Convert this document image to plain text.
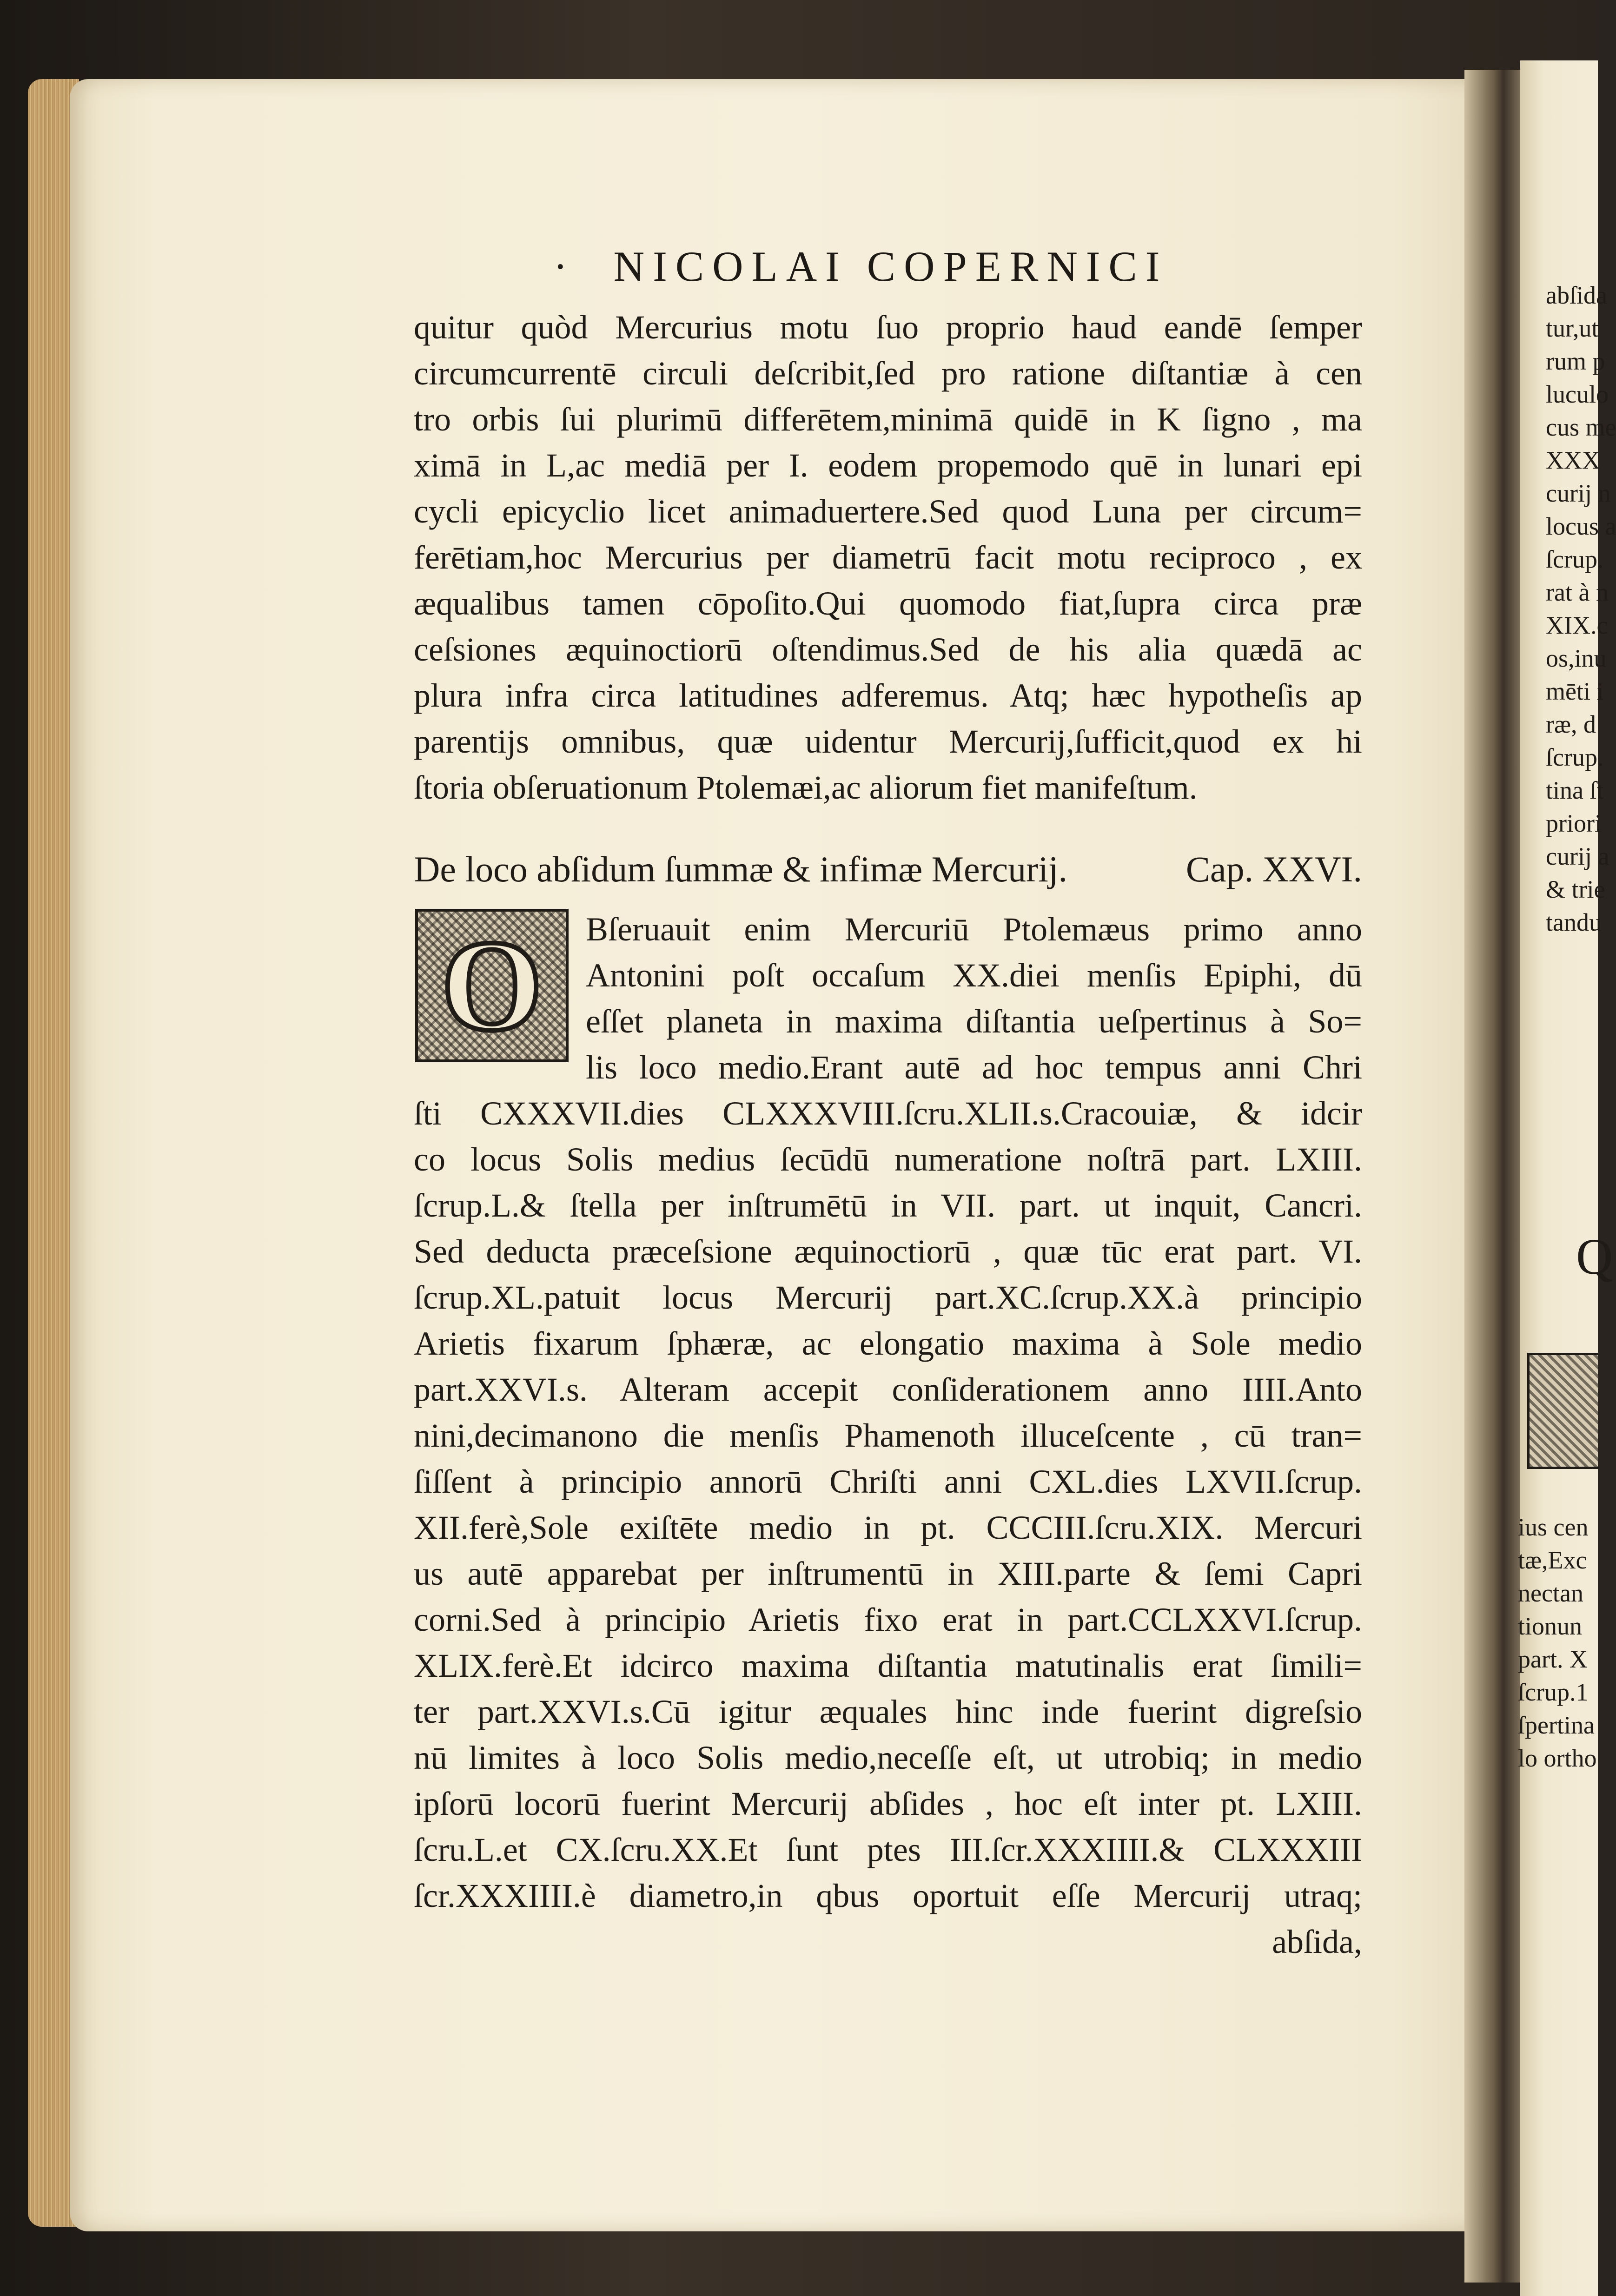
· NICOLAI COPERNICI
quitur quòd Mercurius motu ſuo proprio haud eandē ſemper
circumcurrentē circuli deſcribit,ſed pro ratione diſtantiæ à cen
tro orbis ſui plurimū differētem,minimā quidē in K ſigno , ma
ximā in L,ac mediā per I. eodem propemodo quē in lunari epi
cycli epicyclio licet animaduertere.Sed quod Luna per circum=
ferētiam,hoc Mercurius per diametrū facit motu reciproco , ex
æqualibus tamen cōpoſito.Qui quomodo fiat,ſupra circa præ
ceſsiones æquinoctiorū oſtendimus.Sed de his alia quædā ac
plura infra circa latitudines adferemus. Atq; hæc hypotheſis ap
parentijs omnibus, quæ uidentur Mercurij,ſufficit,quod ex hi
ſtoria obſeruationum Ptolemæi,ac aliorum fiet manifeſtum.
De loco abſidum ſummæ & infimæ Mercurij.	Cap. XXVI.
O	Bſeruauit enim Mercuriū Ptolemæus primo anno
Antonini poſt occaſum XX.diei menſis Epiphi, dū
eſſet planeta in maxima diſtantia ueſpertinus à So=
lis loco medio.Erant autē ad hoc tempus anni Chri
ſti CXXXVII.dies CLXXXVIII.ſcru.XLII.s.Cracouiæ, & idcir
co locus Solis medius ſecūdū numeratione noſtrā part. LXIII.
ſcrup.L.& ſtella per inſtrumētū in VII. part. ut inquit, Cancri.
Sed deducta præceſsione æquinoctiorū , quæ tūc erat part. VI.
ſcrup.XL.patuit locus Mercurij part.XC.ſcrup.XX.à principio
Arietis fixarum ſphæræ, ac elongatio maxima à Sole medio
part.XXVI.s. Alteram accepit conſiderationem anno IIII.Anto
nini,decimanono die menſis Phamenoth illuceſcente , cū tran=
ſiſſent à principio annorū Chriſti anni CXL.dies LXVII.ſcrup.
XII.ferè,Sole exiſtēte medio in pt. CCCIII.ſcru.XIX. Mercuri
us autē apparebat per inſtrumentū in XIII.parte & ſemi Capri
corni.Sed à principio Arietis fixo erat in part.CCLXXVI.ſcrup.
XLIX.ferè.Et idcirco maxima diſtantia matutinalis erat ſimili=
ter part.XXVI.s.Cū igitur æquales hinc inde fuerint digreſsio
nū limites à loco Solis medio,neceſſe eſt, ut utrobiq; in medio
ipſorū locorū fuerint Mercurij abſides , hoc eſt inter pt. LXIII.
ſcru.L.et CX.ſcru.XX.Et ſunt ptes III.ſcr.XXXIIII.& CLXXXIII
ſcr.XXXIIII.è diametro,in qbus oportuit eſſe Mercurij utraq;
abſida,
abſida
tur,ut
rum p
luculo
cus me
XXX
curij n
locus a
ſcrup.
rat à n
XIX.c
os,inu
mēti i
ræ, d
ſcrup.
tina ſt
priori
curij a
& trie
tandu
Q
ius cen
tæ,Exc
nectan
tionun
part. X
ſcrup.1
ſpertina
lo ortho
